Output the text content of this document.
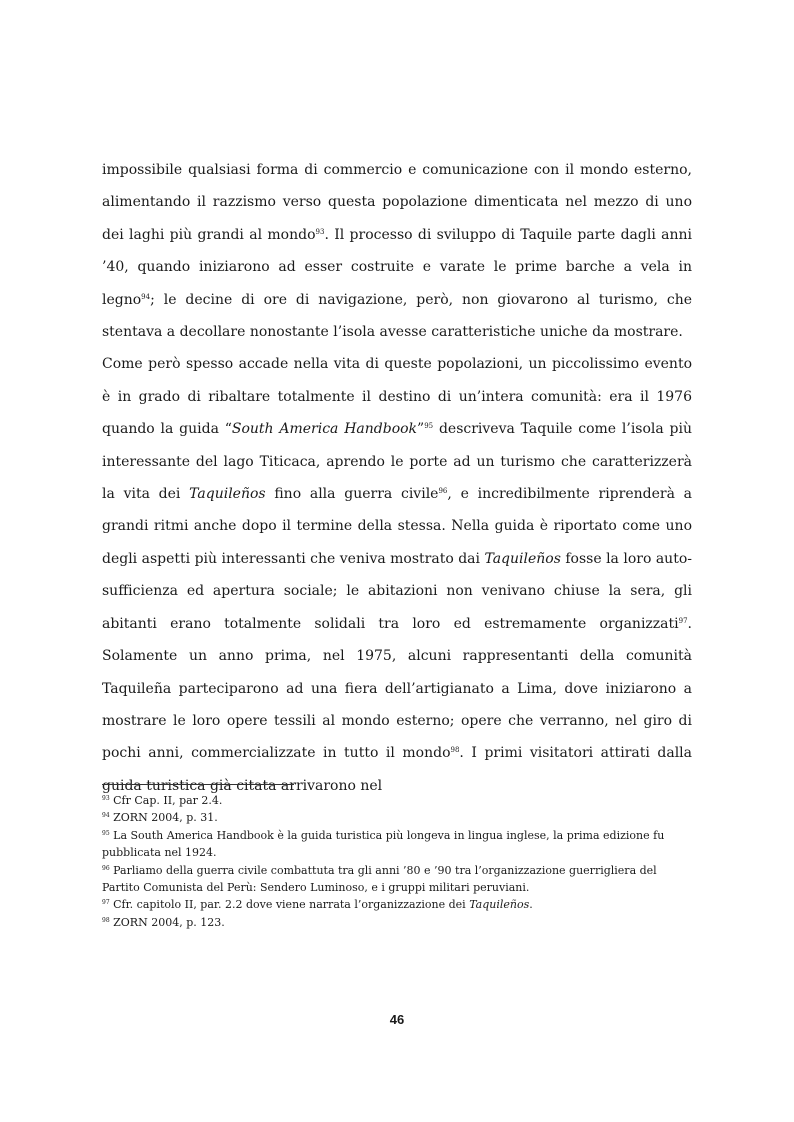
impossibile qualsiasi forma di commercio e comunicazione con il mondo esterno, alimentando il razzismo verso questa popolazione dimenticata nel mezzo di uno dei laghi più grandi al mondo$^{93}$. Il processo di sviluppo di Taquile parte dagli anni ’40, quando iniziarono ad esser costruite e varate le prime barche a vela in legno$^{94}$; le decine di ore di navigazione, però, non giovarono al turismo, che stentava a decollare nonostante l’isola avesse caratteristiche uniche da mostrare.

Come però spesso accade nella vita di queste popolazioni, un piccolissimo evento è in grado di ribaltare totalmente il destino di un’intera comunità: era il 1976 quando la guida “South America Handbook”$^{95}$ descriveva Taquile come l’isola più interessante del lago Titicaca, aprendo le porte ad un turismo che caratterizzerà la vita dei Taquileños fino alla guerra civile$^{96}$, e incredibilmente riprenderà a grandi ritmi anche dopo il termine della stessa. Nella guida è riportato come uno degli aspetti più interessanti che veniva mostrato dai Taquileños fosse la loro auto-sufficienza ed apertura sociale; le abitazioni non venivano chiuse la sera, gli abitanti erano totalmente solidali tra loro ed estremamente organizzati$^{97}$. Solamente un anno prima, nel 1975, alcuni rappresentanti della comunità Taquileña parteciparono ad una fiera dell’artigianato a Lima, dove iniziarono a mostrare le loro opere tessili al mondo esterno; opere che verranno, nel giro di pochi anni, commercializzate in tutto il mondo$^{98}$. I primi visitatori attirati dalla guida turistica già citata arrivarono nel

$^{93}$ Cfr Cap. II, par 2.4.

$^{94}$ ZORN 2004, p. 31.

$^{95}$ La South America Handbook è la guida turistica più longeva in lingua inglese, la prima edizione fu pubblicata nel 1924.

$^{96}$ Parliamo della guerra civile combattuta tra gli anni ’80 e ’90 tra l’organizzazione guerrigliera del Partito Comunista del Perù: Sendero Luminoso, e i gruppi militari peruviani.

$^{97}$ Cfr. capitolo II, par. 2.2 dove viene narrata l’organizzazione dei Taquileños.

$^{98}$ ZORN 2004, p. 123.

46
